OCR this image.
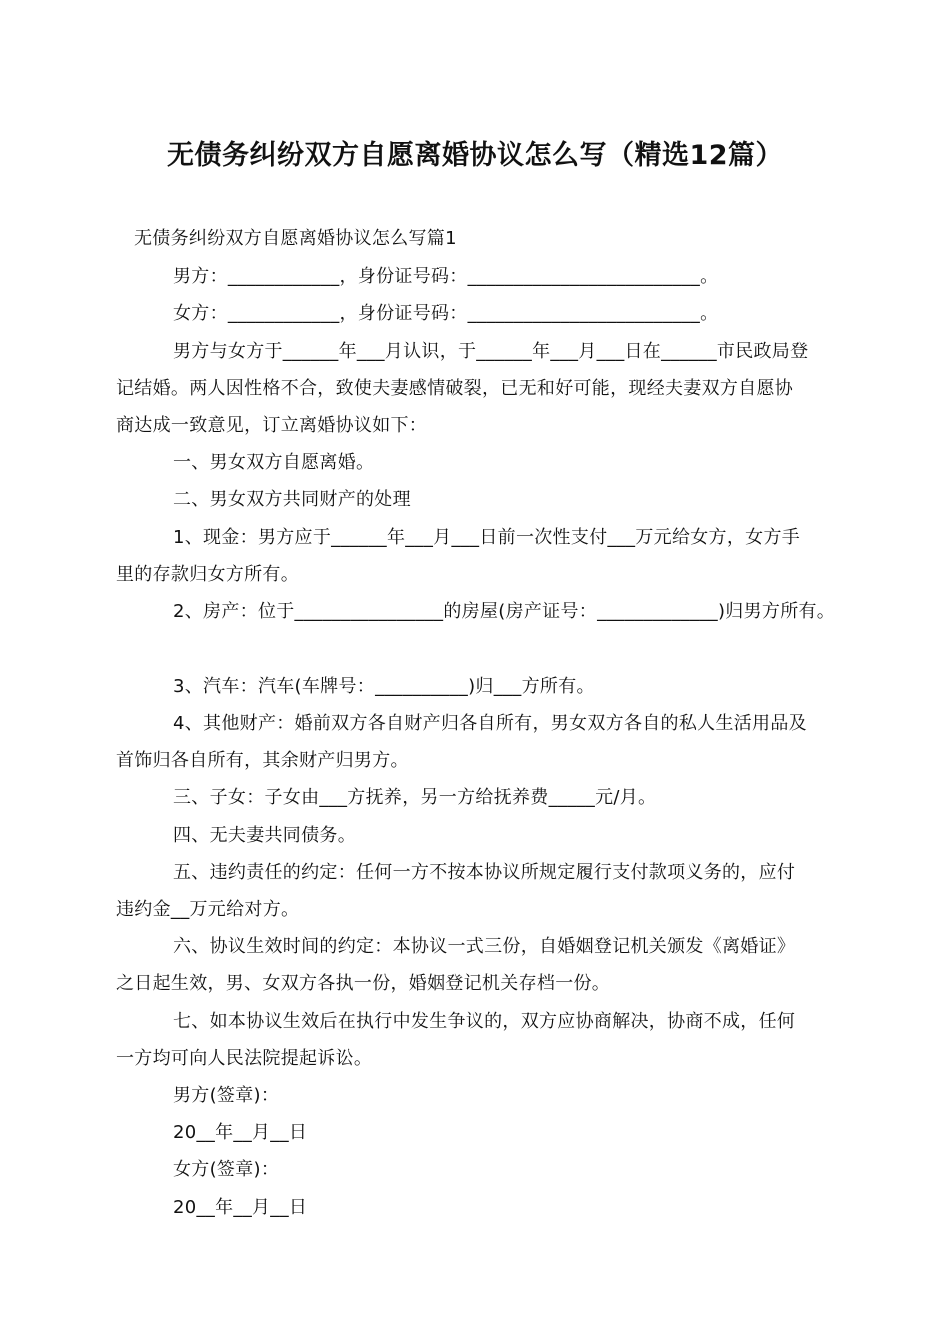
无债务纠纷双方自愿离婚协议怎么写（精选12篇）
无债务纠纷双方自愿离婚协议怎么写篇1
男方：____________，身份证号码：_________________________。
女方：____________，身份证号码：_________________________。
男方与女方于______年___月认识，于______年___月___日在______市民政局登
记结婚。两人因性格不合，致使夫妻感情破裂，已无和好可能，现经夫妻双方自愿协
商达成一致意见，订立离婚协议如下：
一、男女双方自愿离婚。
二、男女双方共同财产的处理
1、现金：男方应于______年___月___日前一次性支付___万元给女方，女方手
里的存款归女方所有。
2、房产：位于________________的房屋(房产证号：_____________)归男方所有。
3、汽车：汽车(车牌号：__________)归___方所有。
4、其他财产：婚前双方各自财产归各自所有，男女双方各自的私人生活用品及
首饰归各自所有，其余财产归男方。
三、子女：子女由___方抚养，另一方给抚养费_____元/月。
四、无夫妻共同债务。
五、违约责任的约定：任何一方不按本协议所规定履行支付款项义务的，应付
违约金__万元给对方。
六、协议生效时间的约定：本协议一式三份，自婚姻登记机关颁发《离婚证》
之日起生效，男、女双方各执一份，婚姻登记机关存档一份。
七、如本协议生效后在执行中发生争议的，双方应协商解决，协商不成，任何
一方均可向人民法院提起诉讼。
男方(签章)：
20__年__月__日
女方(签章)：
20__年__月__日
